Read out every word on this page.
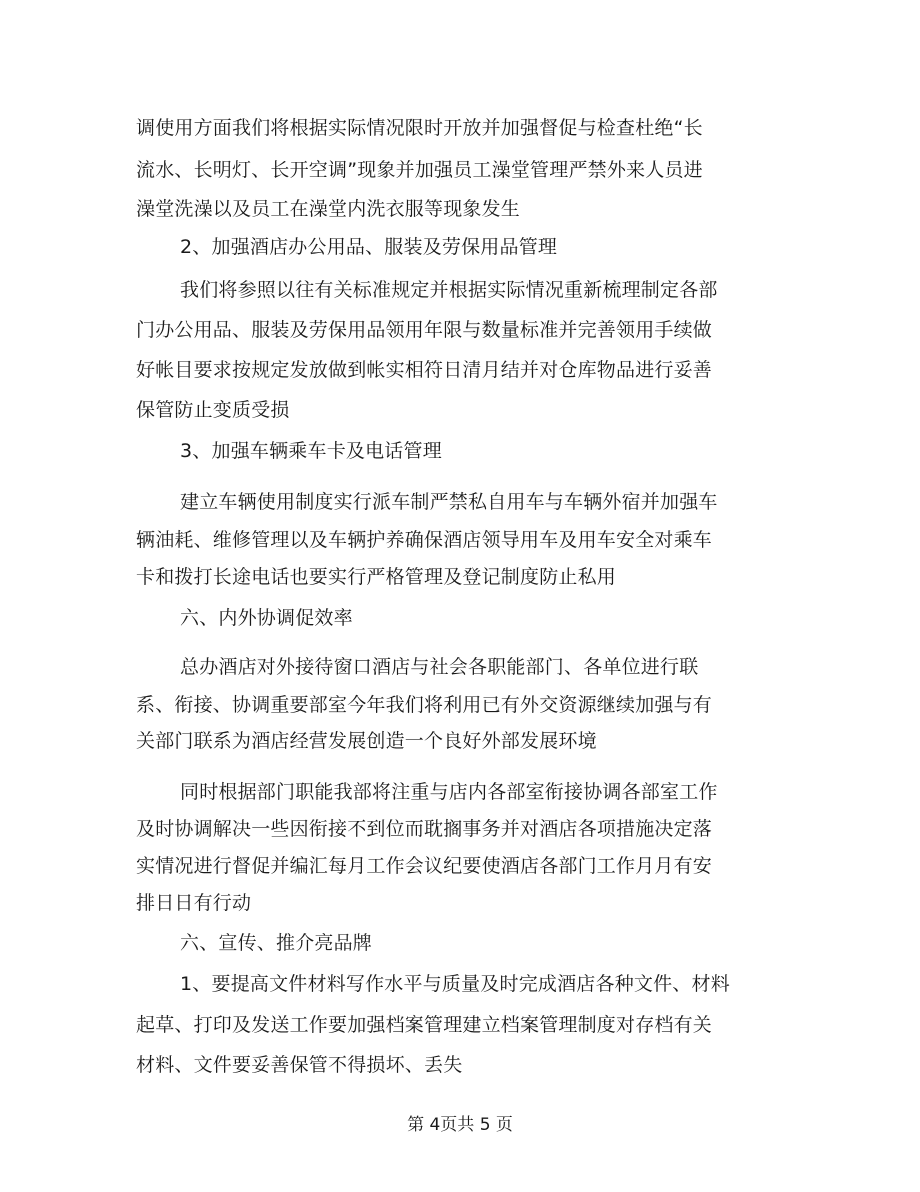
调使用方面我们将根据实际情况限时开放并加强督促与检查杜绝“长
流水、长明灯、长开空调”现象并加强员工澡堂管理严禁外来人员进
澡堂洗澡以及员工在澡堂内洗衣服等现象发生
2、加强酒店办公用品、服装及劳保用品管理
我们将参照以往有关标准规定并根据实际情况重新梳理制定各部
门办公用品、服装及劳保用品领用年限与数量标准并完善领用手续做
好帐目要求按规定发放做到帐实相符日清月结并对仓库物品进行妥善
保管防止变质受损
3、加强车辆乘车卡及电话管理
建立车辆使用制度实行派车制严禁私自用车与车辆外宿并加强车
辆油耗、维修管理以及车辆护养确保酒店领导用车及用车安全对乘车
卡和拨打长途电话也要实行严格管理及登记制度防止私用
六、内外协调促效率
总办酒店对外接待窗口酒店与社会各职能部门、各单位进行联
系、衔接、协调重要部室今年我们将利用已有外交资源继续加强与有
关部门联系为酒店经营发展创造一个良好外部发展环境
同时根据部门职能我部将注重与店内各部室衔接协调各部室工作
及时协调解决一些因衔接不到位而耽搁事务并对酒店各项措施决定落
实情况进行督促并编汇每月工作会议纪要使酒店各部门工作月月有安
排日日有行动
六、宣传、推介亮品牌
1、要提高文件材料写作水平与质量及时完成酒店各种文件、材料
起草、打印及发送工作要加强档案管理建立档案管理制度对存档有关
材料、文件要妥善保管不得损坏、丢失
第 4页共 5 页
